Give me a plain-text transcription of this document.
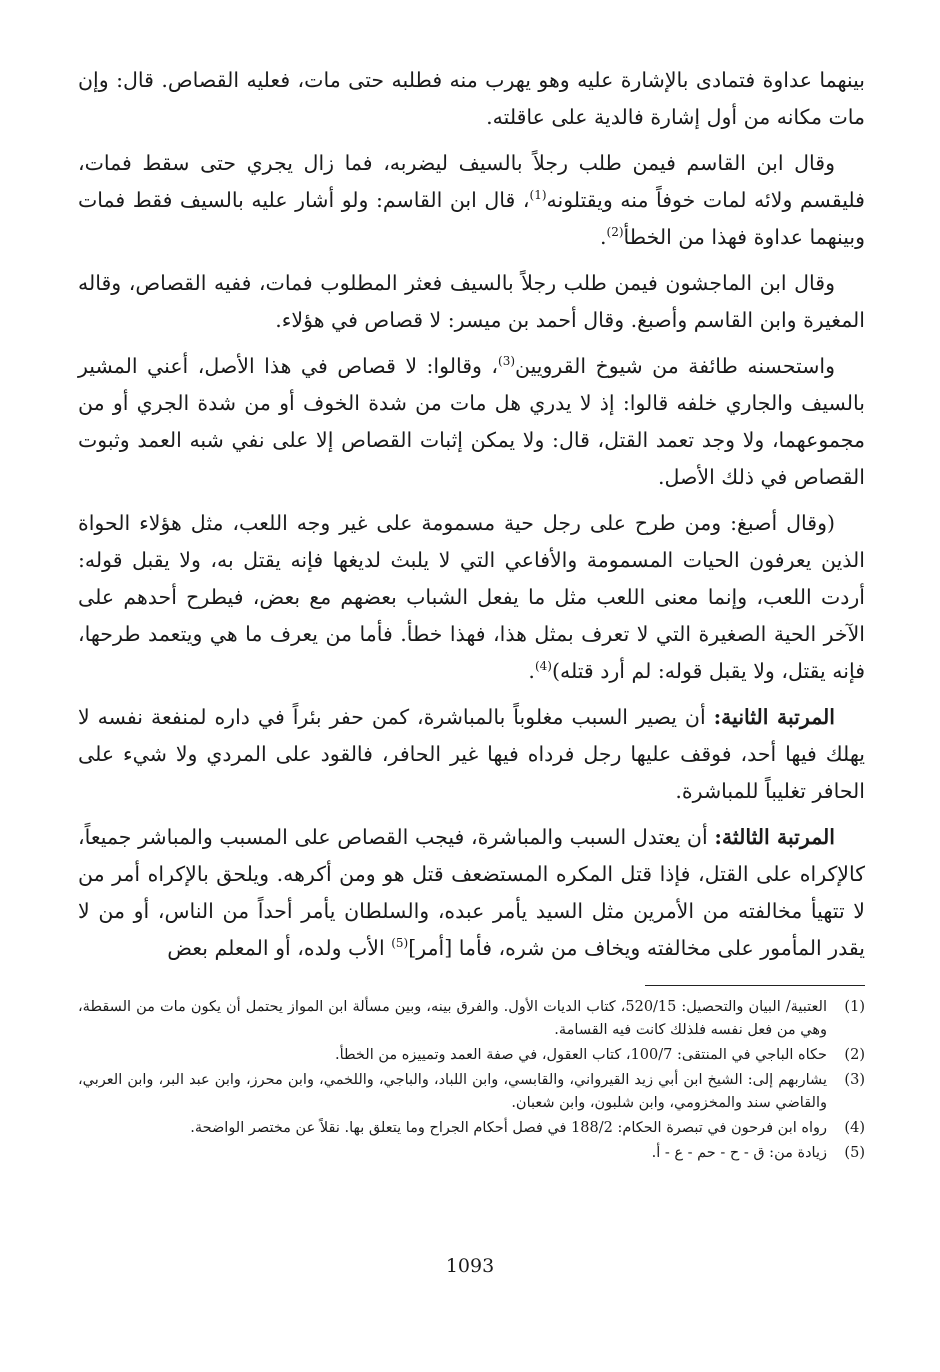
بينهما عداوة فتمادى بالإشارة عليه وهو يهرب منه فطلبه حتى مات، فعليه القصاص. قال: وإن مات مكانه من أول إشارة فالدية على عاقلته.

وقال ابن القاسم فيمن طلب رجلاً بالسيف ليضربه، فما زال يجري حتى سقط فمات، فليقسم ولائه لمات خوفاً منه ويقتلونه$^{(1)}$، قال ابن القاسم: ولو أشار عليه بالسيف فقط فمات وبينهما عداوة فهذا من الخطأ$^{(2)}$.

وقال ابن الماجشون فيمن طلب رجلاً بالسيف فعثر المطلوب فمات، ففيه القصاص، وقاله المغيرة وابن القاسم وأصبغ. وقال أحمد بن ميسر: لا قصاص في هؤلاء.

واستحسنه طائفة من شيوخ القرويين$^{(3)}$، وقالوا: لا قصاص في هذا الأصل، أعني المشير بالسيف والجاري خلفه قالوا: إذ لا يدري هل مات من شدة الخوف أو من شدة الجري أو من مجموعهما، ولا وجد تعمد القتل، قال: ولا يمكن إثبات القصاص إلا على نفي شبه العمد وثبوت القصاص في ذلك الأصل.

(وقال أصبغ: ومن طرح على رجل حية مسمومة على غير وجه اللعب، مثل هؤلاء الحواة الذين يعرفون الحيات المسمومة والأفاعي التي لا يلبث لديغها فإنه يقتل به، ولا يقبل قوله: أردت اللعب، وإنما معنى اللعب مثل ما يفعل الشباب بعضهم مع بعض، فيطرح أحدهم على الآخر الحية الصغيرة التي لا تعرف بمثل هذا، فهذا خطأ. فأما من يعرف ما هي ويتعمد طرحها، فإنه يقتل، ولا يقبل قوله: لم أرد قتله)$^{(4)}$.

المرتبة الثانية: أن يصير السبب مغلوباً بالمباشرة، كمن حفر بئراً في داره لمنفعة نفسه لا يهلك فيها أحد، فوقف عليها رجل فرداه فيها غير الحافر، فالقود على المردي ولا شيء على الحافر تغليباً للمباشرة.

المرتبة الثالثة: أن يعتدل السبب والمباشرة، فيجب القصاص على المسبب والمباشر جميعاً، كالإكراه على القتل، فإذا قتل المكره المستضعف قتل هو ومن أكرهه. ويلحق بالإكراه أمر من لا تتهيأ مخالفته من الأمرين مثل السيد يأمر عبده، والسلطان يأمر أحداً من الناس، أو من لا يقدر المأمور على مخالفته ويخاف من شره، فأما [أمر]$^{(5)}$ الأب ولده، أو المعلم بعض

(1)
العتبية/ البيان والتحصيل: 520/15، كتاب الديات الأول. والفرق بينه، وبين مسألة ابن المواز يحتمل أن يكون مات من السقطة، وهي من فعل نفسه فلذلك كانت فيه القسامة.
(2)
حكاه الباجي في المنتقى: 100/7، كتاب العقول، في صفة العمد وتمييزه من الخطأ.
(3)
يشاربهم إلى: الشيخ ابن أبي زيد القيرواني، والقابسي، وابن اللباد، والباجي، واللخمي، وابن محرز، وابن عبد البر، وابن العربي، والقاضي سند والمخزومي، وابن شلبون، وابن شعبان.
(4)
رواه ابن فرحون في تبصرة الحكام: 188/2 في فصل أحكام الجراح وما يتعلق بها. نقلاً عن مختصر الواضحة.
(5)
زيادة من: ق - ح - حم - ع - أ.
1093
